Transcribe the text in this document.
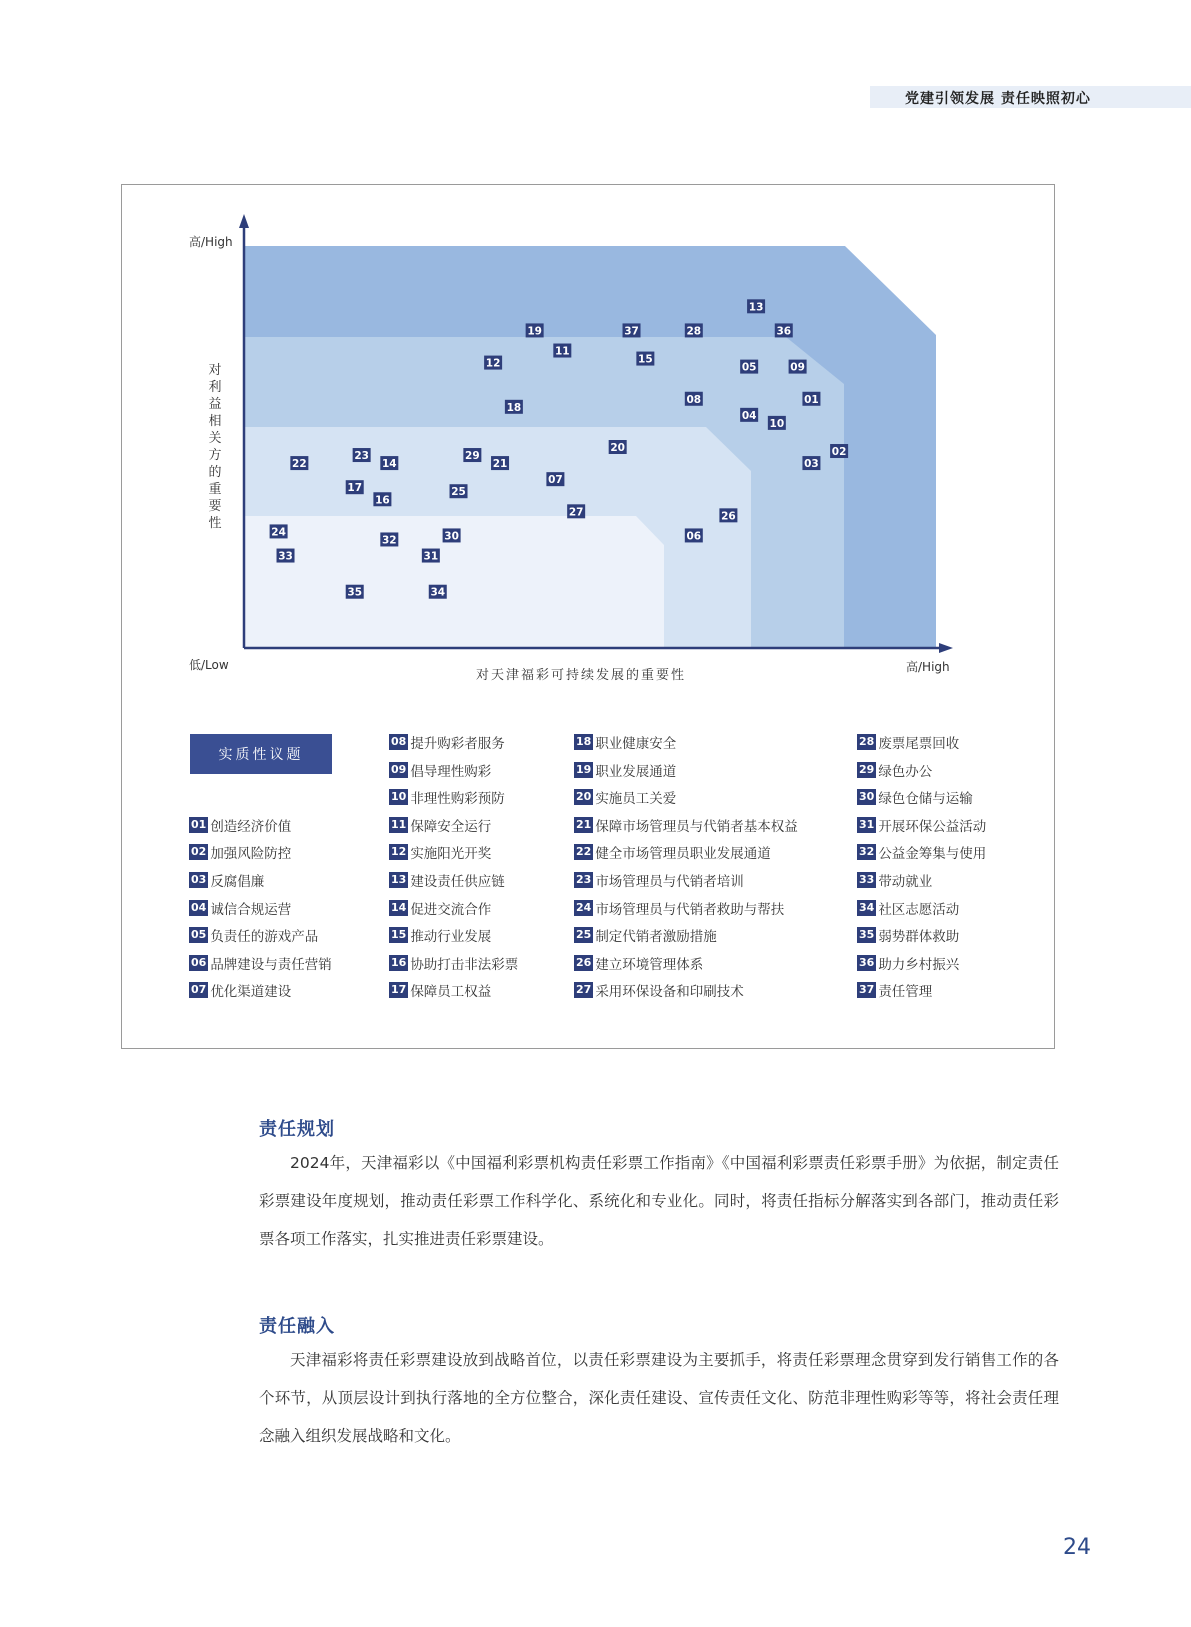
党建引领发展 责任映照初心
高/High
低/Low	高/High
对天津福彩可持续发展的重要性
对
利
益
相
关
方
的
重
要
性
01
02
03
04
05
06
07
08
09
10
11
12
13
14
15
16
17
18
19
20
21
22
23
24
25
26
27
28
29
30
31
32
33
34
35
36
37
实质性议题
01 创造经济价值
02 加强风险防控
03 反腐倡廉
04 诚信合规运营
05 负责任的游戏产品
06 品牌建设与责任营销
07 优化渠道建设
08 提升购彩者服务
09 倡导理性购彩
10 非理性购彩预防
11 保障安全运行
12 实施阳光开奖
13 建设责任供应链
14 促进交流合作
15 推动行业发展
16 协助打击非法彩票
17 保障员工权益
18 职业健康安全
19 职业发展通道
20 实施员工关爱
21 保障市场管理员与代销者基本权益
22 健全市场管理员职业发展通道
23 市场管理员与代销者培训
24 市场管理员与代销者救助与帮扶
25 制定代销者激励措施
26 建立环境管理体系
27 采用环保设备和印刷技术
28 废票尾票回收
29 绿色办公
30 绿色仓储与运输
31 开展环保公益活动
32 公益金筹集与使用
33 带动就业
34 社区志愿活动
35 弱势群体救助
36 助力乡村振兴
37 责任管理
责任规划
2024年，天津福彩以《中国福利彩票机构责任彩票工作指南》《中国福利彩票责任彩票手册》为依据，制定责任彩票建设年度规划，推动责任彩票工作科学化、系统化和专业化。同时，将责任指标分解落实到各部门，推动责任彩票各项工作落实，扎实推进责任彩票建设。
责任融入
天津福彩将责任彩票建设放到战略首位，以责任彩票建设为主要抓手，将责任彩票理念贯穿到发行销售工作的各个环节，从顶层设计到执行落地的全方位整合，深化责任建设、宣传责任文化、防范非理性购彩等等，将社会责任理念融入组织发展战略和文化。
24
